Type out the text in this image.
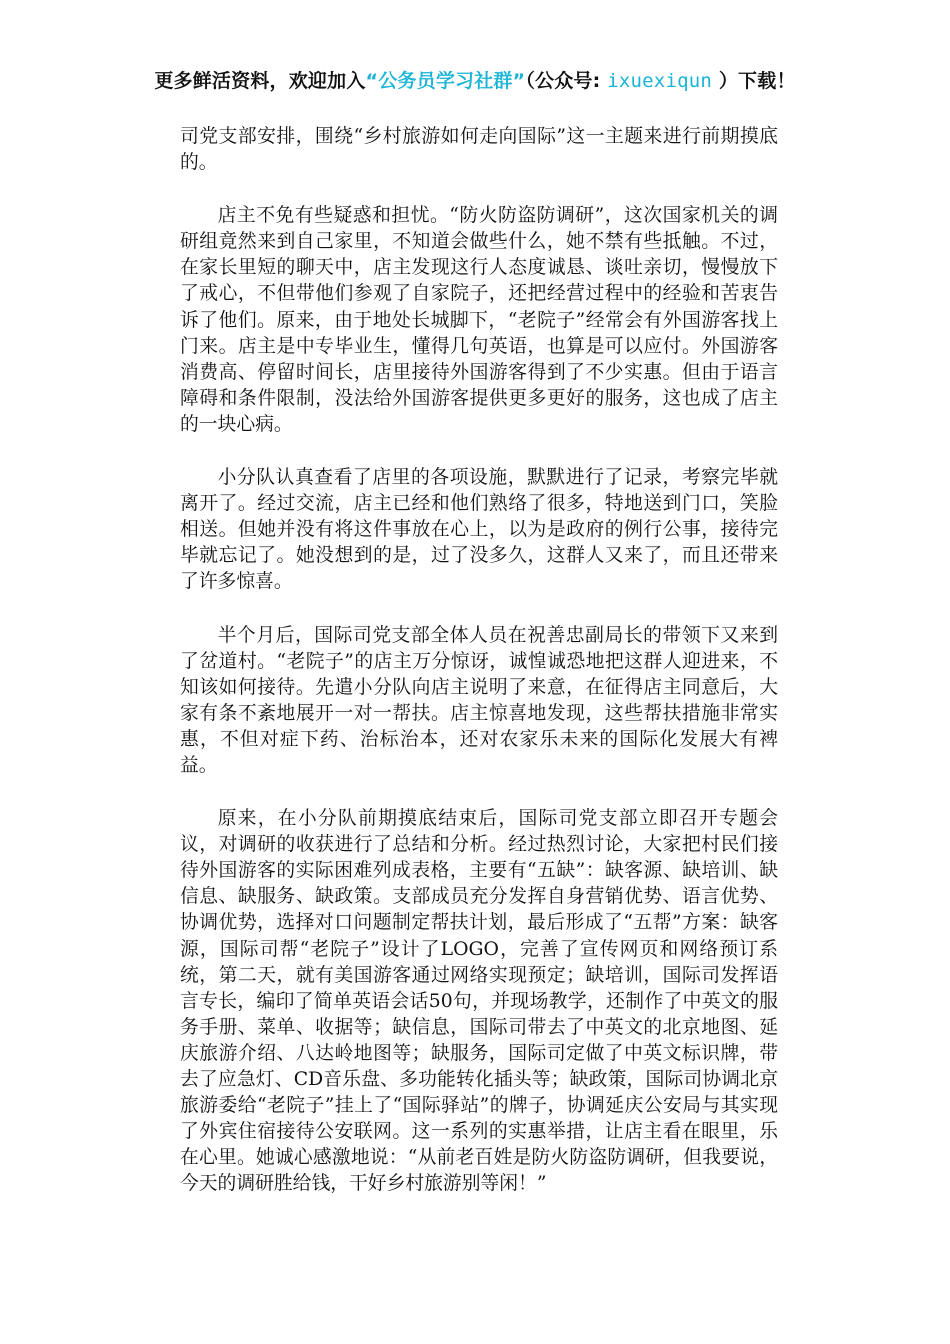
更多鲜活资料，欢迎加入“公务员学习社群”（公众号: ixuexiqun ）下载！

司党支部安排，围绕“乡村旅游如何走向国际”这一主题来进行前期摸底的。

店主不免有些疑惑和担忧。“防火防盗防调研”，这次国家机关的调研组竟然来到自己家里，不知道会做些什么，她不禁有些抵触。不过，在家长里短的聊天中，店主发现这行人态度诚恳、谈吐亲切，慢慢放下了戒心，不但带他们参观了自家院子，还把经营过程中的经验和苦衷告诉了他们。原来，由于地处长城脚下，“老院子”经常会有外国游客找上门来。店主是中专毕业生，懂得几句英语，也算是可以应付。外国游客消费高、停留时间长，店里接待外国游客得到了不少实惠。但由于语言障碍和条件限制，没法给外国游客提供更多更好的服务，这也成了店主的一块心病。

小分队认真查看了店里的各项设施，默默进行了记录，考察完毕就离开了。经过交流，店主已经和他们熟络了很多，特地送到门口，笑脸相送。但她并没有将这件事放在心上，以为是政府的例行公事，接待完毕就忘记了。她没想到的是，过了没多久，这群人又来了，而且还带来了许多惊喜。

半个月后，国际司党支部全体人员在祝善忠副局长的带领下又来到了岔道村。“老院子”的店主万分惊讶，诚惶诚恐地把这群人迎进来，不知该如何接待。先遣小分队向店主说明了来意，在征得店主同意后，大家有条不紊地展开一对一帮扶。店主惊喜地发现，这些帮扶措施非常实惠，不但对症下药、治标治本，还对农家乐未来的国际化发展大有裨益。

原来，在小分队前期摸底结束后，国际司党支部立即召开专题会议，对调研的收获进行了总结和分析。经过热烈讨论，大家把村民们接待外国游客的实际困难列成表格，主要有“五缺”：缺客源、缺培训、缺信息、缺服务、缺政策。支部成员充分发挥自身营销优势、语言优势、协调优势，选择对口问题制定帮扶计划，最后形成了“五帮”方案：缺客源，国际司帮“老院子”设计了LOGO，完善了宣传网页和网络预订系统，第二天，就有美国游客通过网络实现预定；缺培训，国际司发挥语言专长，编印了简单英语会话50句，并现场教学，还制作了中英文的服务手册、菜单、收据等；缺信息，国际司带去了中英文的北京地图、延庆旅游介绍、八达岭地图等；缺服务，国际司定做了中英文标识牌，带去了应急灯、CD音乐盘、多功能转化插头等；缺政策，国际司协调北京旅游委给“老院子”挂上了“国际驿站”的牌子，协调延庆公安局与其实现了外宾住宿接待公安联网。这一系列的实惠举措，让店主看在眼里，乐在心里。她诚心感激地说：“从前老百姓是防火防盗防调研，但我要说，今天的调研胜给钱，干好乡村旅游别等闲！”
